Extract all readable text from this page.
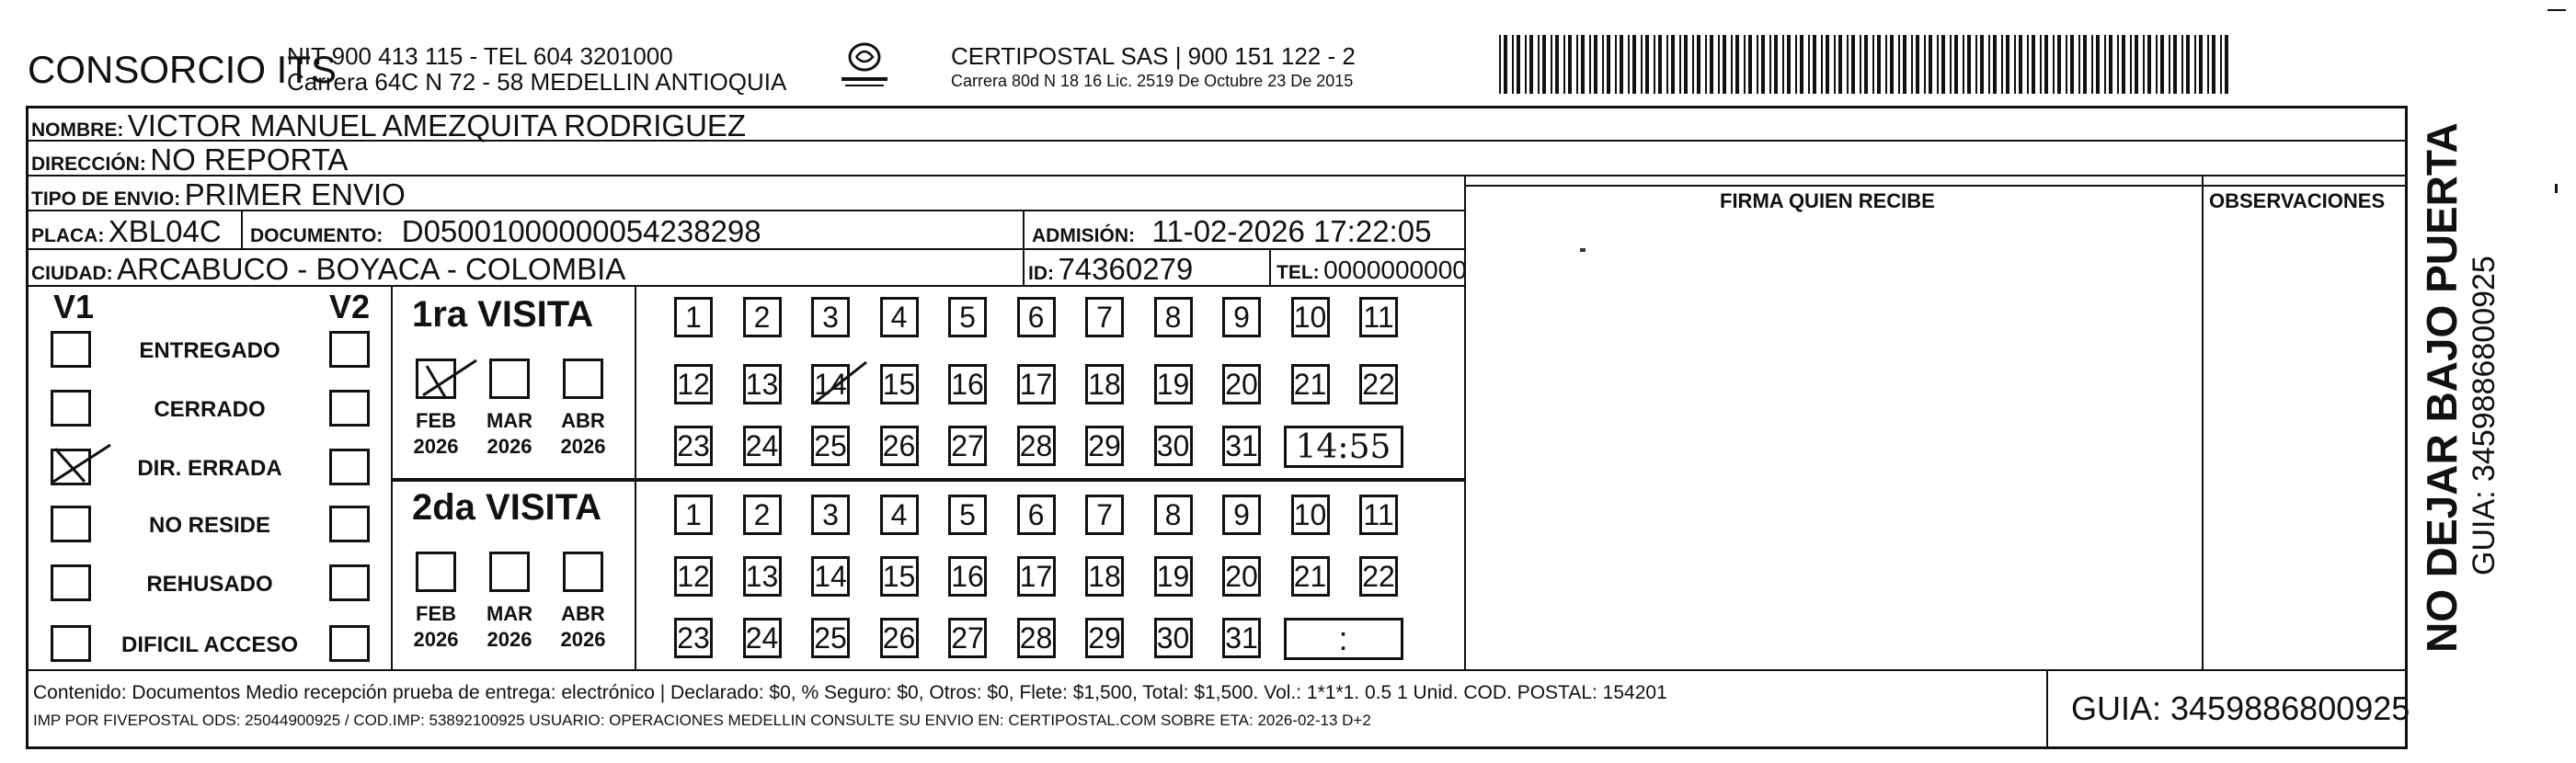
CONSORCIO ITS
NIT 900 413 115 - TEL 604 3201000
Carrera 64C N 72 - 58 MEDELLIN ANTIOQUIA
CERTIPOSTAL SAS | 900 151 122 - 2
Carrera 80d N 18 16 Lic. 2519 De Octubre 23 De 2015
NOMBRE: VICTOR MANUEL AMEZQUITA RODRIGUEZ
DIRECCIÓN: NO REPORTA
TIPO DE ENVIO: PRIMER ENVIO	FIRMA QUIEN RECIBE	OBSERVACIONES
PLACA: XBL04C DOCUMENTO: D05001000000054238298	ADMISIÓN: 11-02-2026 17:22:05
CIUDAD: ARCABUCO - BOYACA - COLOMBIA	ID: 74360279	TEL: 0000000000
V1	V2
ENTREGADO
CERRADO
DIR. ERRADA
NO RESIDE
REHUSADO
DIFICIL ACCESO
1ra VISITA
2da VISITA
FEB
2026
MAR
2026
ABR
2026
FEB
2026
MAR
2026
ABR
2026
1	2	3	4	5	6	7	8	9	10 11
12 13 14 15 16 17 18 19 20 21 22
23 24 25 26 27 28 29 30 31	14:55
1	2	3	4	5	6	7	8	9	10 11
12 13 14 15 16 17 18 19 20 21 22
23 24 25 26 27 28 29 30 31	:
Contenido: Documentos Medio recepción prueba de entrega: electrónico | Declarado: $0, % Seguro: $0, Otros: $0, Flete: $1,500, Total: $1,500. Vol.: 1*1*1. 0.5 1 Unid. COD. POSTAL: 154201
IMP POR FIVEPOSTAL ODS: 25044900925 / COD.IMP: 53892100925 USUARIO: OPERACIONES MEDELLIN CONSULTE SU ENVIO EN: CERTIPOSTAL.COM SOBRE ETA: 2026-02-13 D+2	GUIA: 3459886800925
NO DEJAR BAJO PUERTA GUIA: 3459886800925
